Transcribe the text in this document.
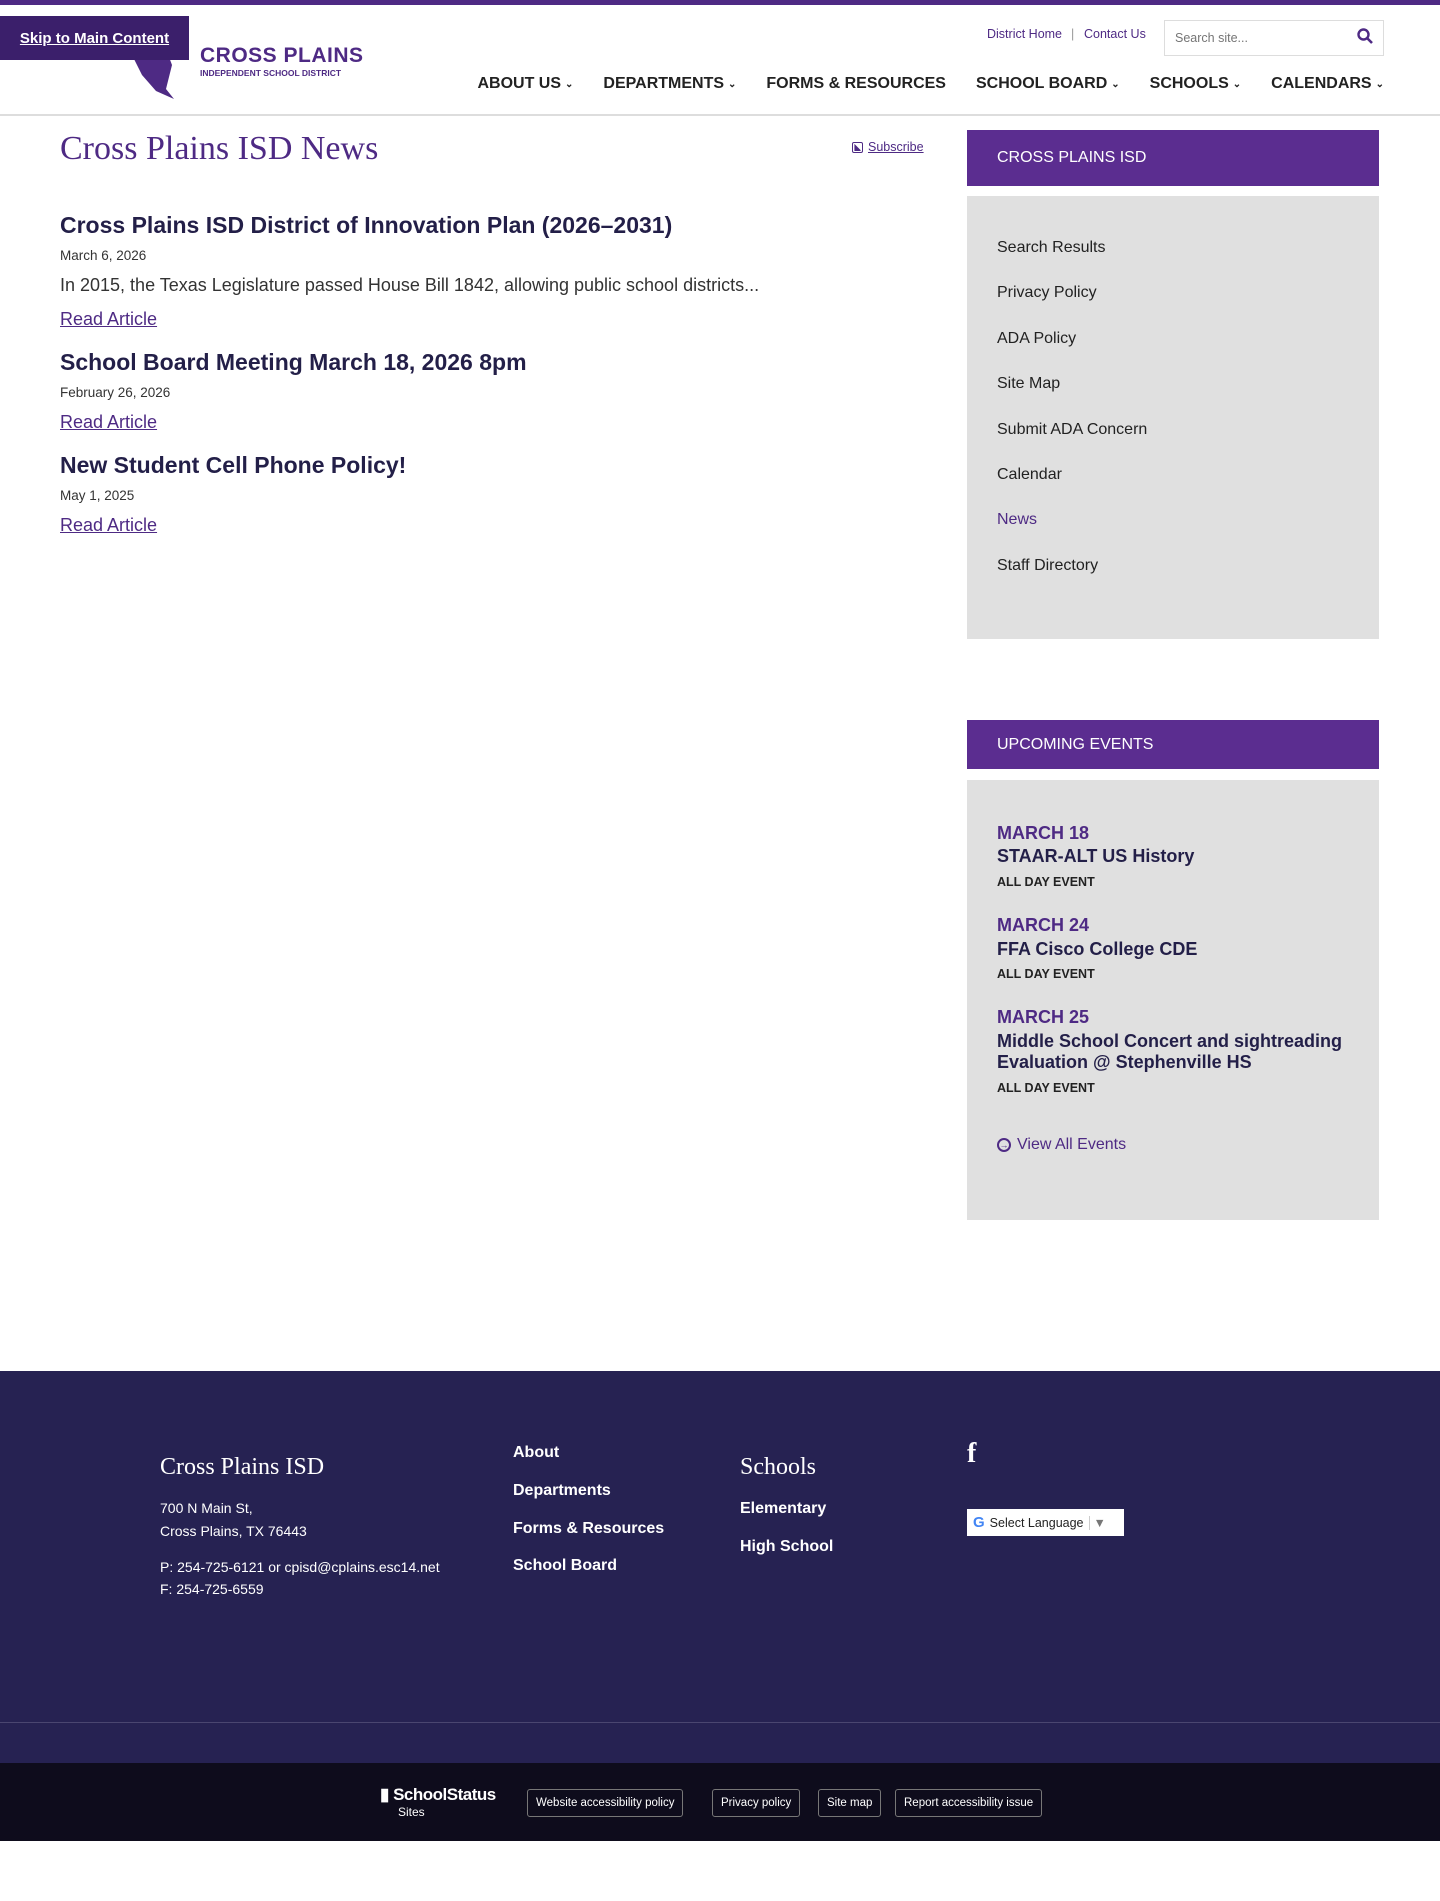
Skip to Main Content
CROSS PLAINS
INDEPENDENT SCHOOL DISTRICT
District Home | Contact Us
Search site...
ABOUT US ⌄ DEPARTMENTS ⌄ FORMS & RESOURCES SCHOOL BOARD ⌄ SCHOOLS ⌄ CALENDARS ⌄
Cross Plains ISD News	◣ Subscribe
Cross Plains ISD District of Innovation Plan (2026–2031)
March 6, 2026
In 2015, the Texas Legislature passed House Bill 1842, allowing public school districts...
Read Article
School Board Meeting March 18, 2026 8pm
February 26, 2026
Read Article
New Student Cell Phone Policy!
May 1, 2025
Read Article
CROSS PLAINS ISD
Search Results
Privacy Policy
ADA Policy
Site Map
Submit ADA Concern
Calendar
News
Staff Directory
UPCOMING EVENTS
MARCH 18
STAAR-ALT US History
ALL DAY EVENT
MARCH 24
FFA Cisco College CDE
ALL DAY EVENT
MARCH 25
Middle School Concert and sightreading Evaluation @ Stephenville HS
ALL DAY EVENT
→ View All Events
Cross Plains ISD
700 N Main St,
Cross Plains, TX 76443
P: 254-725-6121 or cpisd@cplains.esc14.net
F: 254-725-6559
About
Departments
Forms & Resources
School Board
Schools
Elementary
High School
f
G Select Language ▼
▮ SchoolStatus
Sites
Website accessibility policy	Privacy policy	Site map	Report accessibility issue
